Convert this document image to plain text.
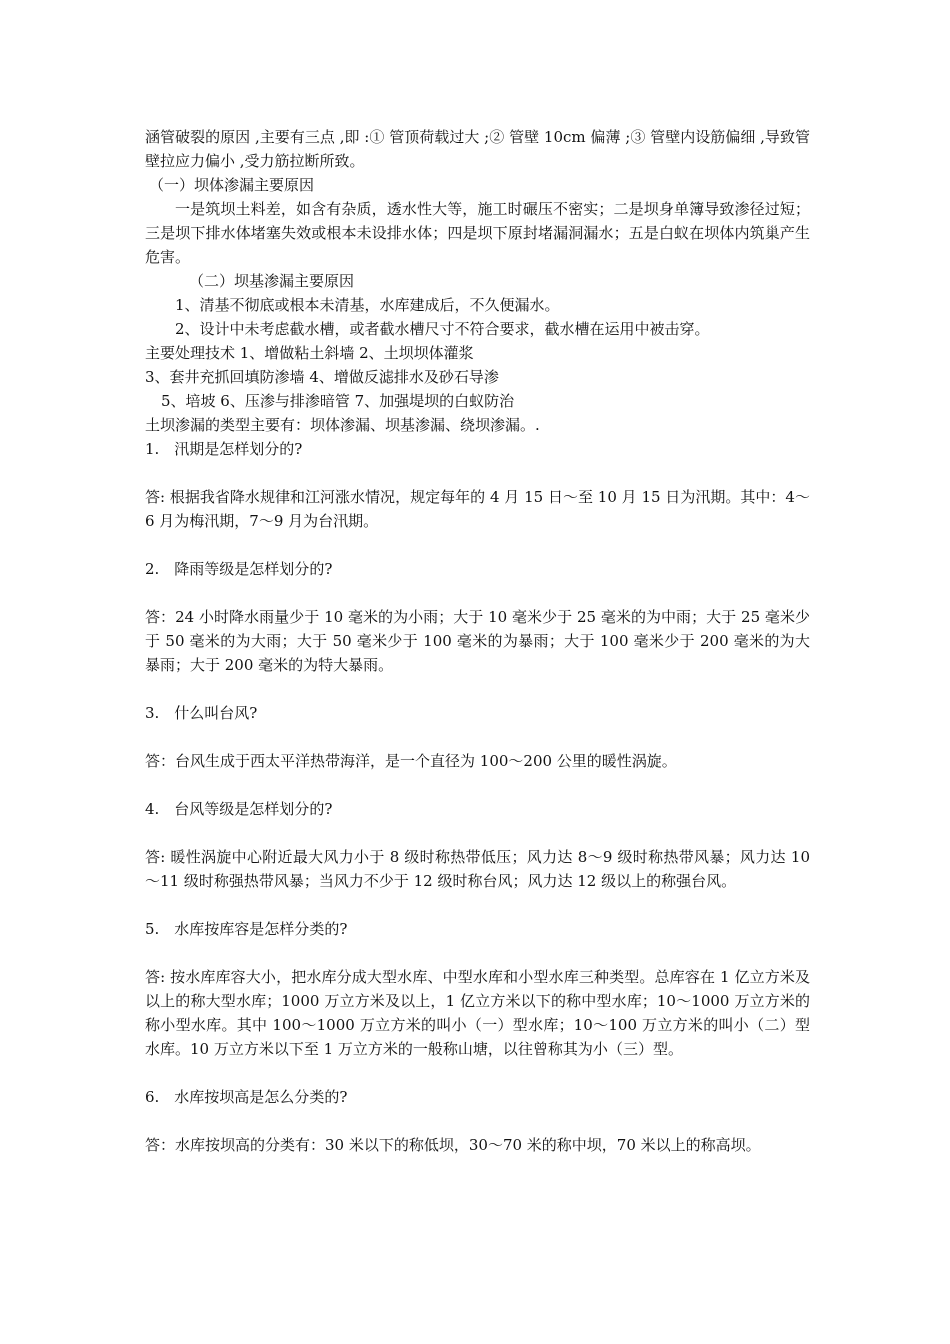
涵管破裂的原因 ,主要有三点 ,即 :① 管顶荷载过大 ;② 管壁 10cm 偏薄 ;③ 管壁内设筋偏细 ,导致管壁拉应力偏小 ,受力筋拉断所致。

（一）坝体渗漏主要原因

一是筑坝土料差，如含有杂质，透水性大等，施工时碾压不密实；二是坝身单簿导致渗径过短；三是坝下排水体堵塞失效或根本未设排水体；四是坝下原封堵漏洞漏水；五是白蚁在坝体内筑巢产生危害。

（二）坝基渗漏主要原因

1、清基不彻底或根本未清基，水库建成后，不久便漏水。

2、设计中未考虑截水槽，或者截水槽尺寸不符合要求，截水槽在运用中被击穿。

主要处理技术 1、增做粘土斜墙 2、土坝坝体灌浆

3、套井充抓回填防渗墙 4、增做反滤排水及砂石导渗

5、培坡 6、压渗与排渗暗管 7、加强堤坝的白蚁防治

土坝渗漏的类型主要有：坝体渗漏、坝基渗漏、绕坝渗漏。.

1.　汛期是怎样划分的?

答: 根据我省降水规律和江河涨水情况，规定每年的 4 月 15 日～至 10 月 15 日为汛期。其中：4～6 月为梅汛期，7～9 月为台汛期。

2.　降雨等级是怎样划分的?

答：24 小时降水雨量少于 10 毫米的为小雨；大于 10 毫米少于 25 毫米的为中雨；大于 25 毫米少于 50 毫米的为大雨；大于 50 毫米少于 100 毫米的为暴雨；大于 100 毫米少于 200 毫米的为大暴雨；大于 200 毫米的为特大暴雨。

3.　什么叫台风?

答：台风生成于西太平洋热带海洋，是一个直径为 100～200 公里的暖性涡旋。

4.　台风等级是怎样划分的?

答: 暖性涡旋中心附近最大风力小于 8 级时称热带低压；风力达 8～9 级时称热带风暴；风力达 10～11 级时称强热带风暴；当风力不少于 12 级时称台风；风力达 12 级以上的称强台风。

5.　水库按库容是怎样分类的?

答: 按水库库容大小，把水库分成大型水库、中型水库和小型水库三种类型。总库容在 1 亿立方米及以上的称大型水库；1000 万立方米及以上，1 亿立方米以下的称中型水库；10～1000 万立方米的称小型水库。其中 100～1000 万立方米的叫小（一）型水库；10～100 万立方米的叫小（二）型水库。10 万立方米以下至 1 万立方米的一般称山塘，以往曾称其为小（三）型。

6.　水库按坝高是怎么分类的?

答：水库按坝高的分类有：30 米以下的称低坝，30～70 米的称中坝，70 米以上的称高坝。
